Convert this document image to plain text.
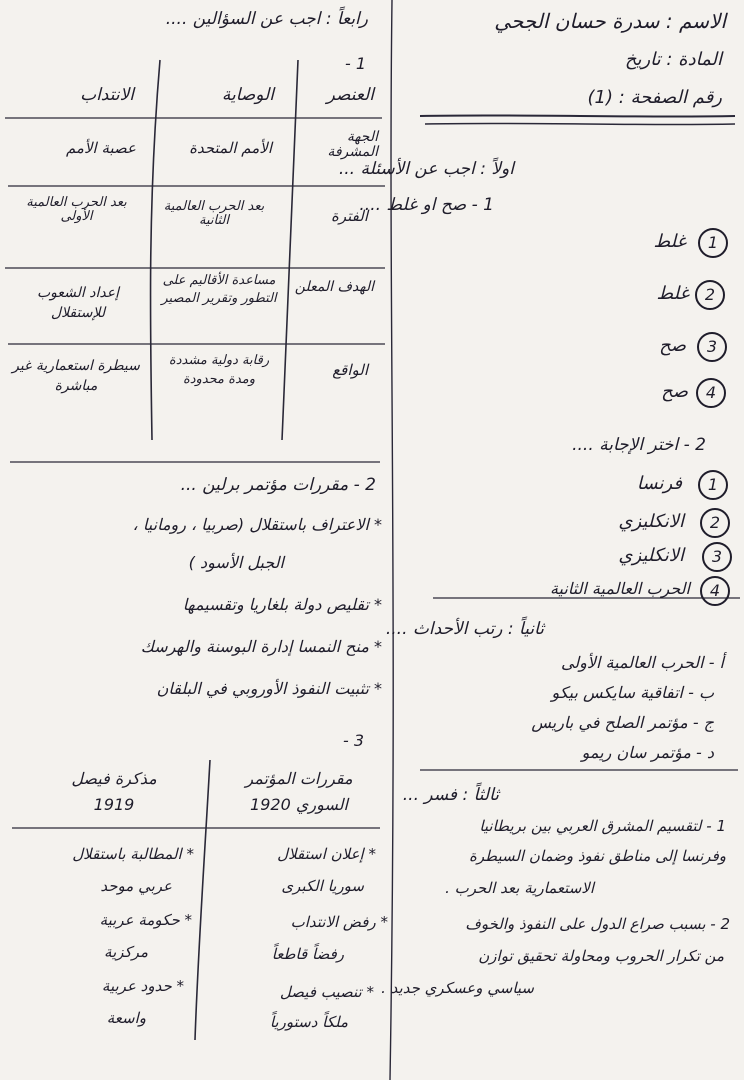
الاسم : سدرة حسان الجحي
المادة : تاريخ
رقم الصفحة : (1)
اولاً : اجب عن الأسئلة ...
1 - صح او غلط ....
1
غلط
2
غلط
3
صح
4
صح
2 - اختر الإجابة ....
1
فرنسا
2
الانكليزي
3
الانكليزي
4
الحرب العالمية الثانية
ثانياً : رتب الأحداث ....
أ - الحرب العالمية الأولى
ب - اتفاقية سايكس بيكو
ج - مؤتمر الصلح في باريس
د - مؤتمر سان ريمو
ثالثاً : فسر ...
1 - لتقسيم المشرق العربي بين بريطانيا
وفرنسا إلى مناطق نفوذ وضمان السيطرة
الاستعمارية بعد الحرب .
2 - بسبب صراع الدول على النفوذ والخوف
من تكرار الحروب ومحاولة تحقيق توازن
سياسي وعسكري جديد .
رابعاً : اجب عن السؤالين ....
1 -
العنصر
الوصاية
الانتداب
الجهة المشرفة
الأمم المتحدة
عصبة الأمم
الفترة
بعد الحرب العالمية الثانية
بعد الحرب العالمية الأولى
الهدف المعلن
مساعدة الأقاليم على التطور وتقرير المصير
إعداد الشعوب للإستقلال
الواقع
رقابة دولية مشددة ومدة محدودة
سيطرة استعمارية غير مباشرة
2 - مقررات مؤتمر برلين ...
* الاعتراف باستقلال (صربيا ، رومانيا ،
الجبل الأسود )
* تقليص دولة بلغاريا وتقسيمها
* منح النمسا إدارة البوسنة والهرسك
* تثبيت النفوذ الأوروبي في البلقان
3 -
مقررات المؤتمر السوري 1920
مذكرة فيصل 1919
* إعلان استقلال
سوريا الكبرى
* رفض الانتداب
رفضاً قاطعاً
* تنصيب فيصل
ملكاً دستورياً
* المطالبة باستقلال
عربي موحد
* حكومة عربية
مركزية
* حدود عربية
واسعة
